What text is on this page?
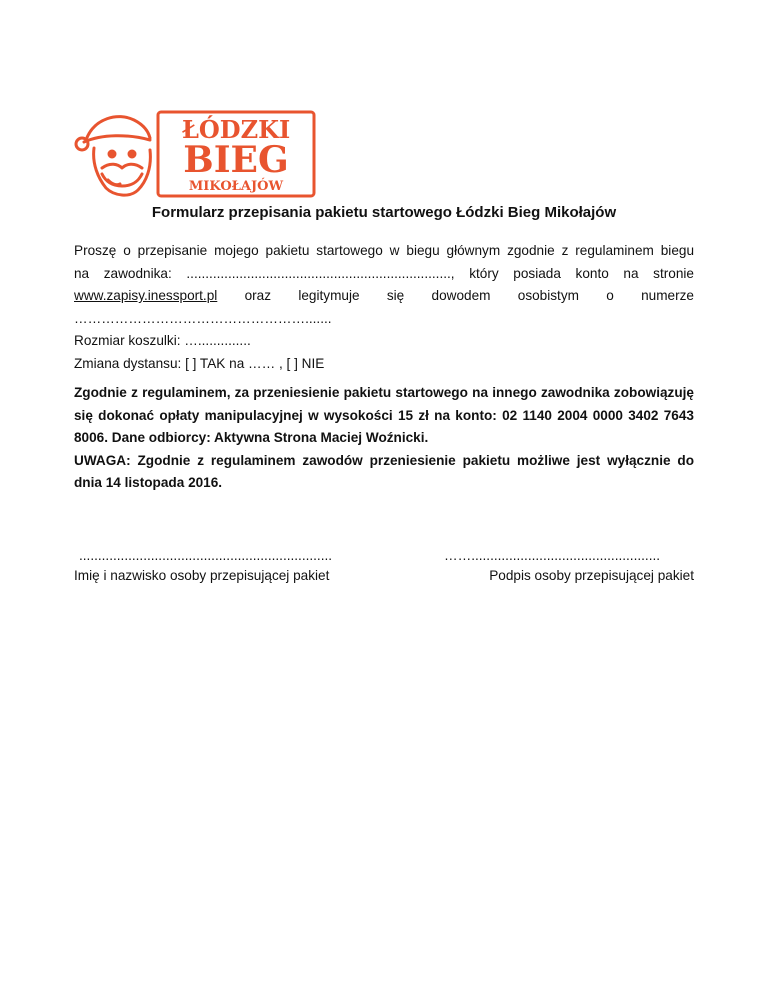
ŁÓDZKI
BIEG
MIKOŁAJÓW
Formularz przepisania pakietu startowego Łódzki Bieg Mikołajów
Proszę o przepisanie mojego pakietu startowego w biegu głównym zgodnie z regulaminem biegu
na zawodnika: ......................................................................, który posiada konto na stronie
www.zapisy.inessport.pl oraz legitymuje się dowodem osobistym o numerze
…………………………………………….......
Rozmiar koszulki: …..............
Zmiana dystansu: [ ] TAK na …… , [ ] NIE
Zgodnie z regulaminem, za przeniesienie pakietu startowego na innego zawodnika zobowiązuję się dokonać opłaty manipulacyjnej w wysokości 15 zł na konto: 02 1140 2004 0000 3402 7643 8006. Dane odbiorcy: Aktywna Strona Maciej Woźnicki.
UWAGA: Zgodnie z regulaminem zawodów przeniesienie pakietu możliwe jest wyłącznie do dnia 14 listopada 2016.
...................................................................
Imię i nazwisko osoby przepisującej pakiet
……..................................................
Podpis osoby przepisującej pakiet
